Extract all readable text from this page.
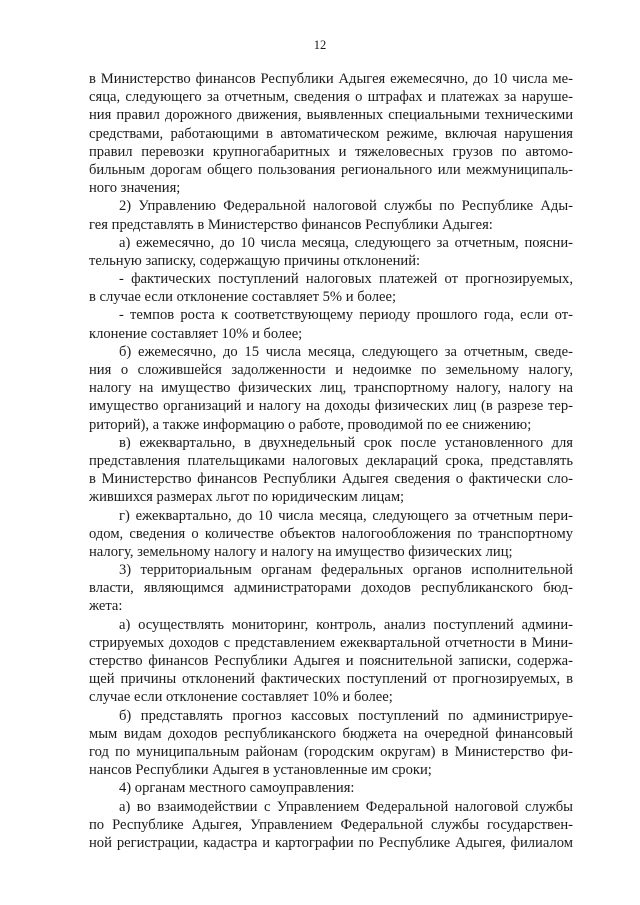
12
в Министерство финансов Республики Адыгея ежемесячно, до 10 числа ме-
сяца, следующего за отчетным, сведения о штрафах и платежах за наруше-
ния правил дорожного движения, выявленных специальными техническими
средствами, работающими в автоматическом режиме, включая нарушения
правил перевозки крупногабаритных и тяжеловесных грузов по автомо-
бильным дорогам общего пользования регионального или межмуниципаль-
ного значения;
2) Управлению Федеральной налоговой службы по Республике Ады-
гея представлять в Министерство финансов Республики Адыгея:
а) ежемесячно, до 10 числа месяца, следующего за отчетным, поясни-
тельную записку, содержащую причины отклонений:
- фактических поступлений налоговых платежей от прогнозируемых,
в случае если отклонение составляет 5% и более;
- темпов роста к соответствующему периоду прошлого года, если от-
клонение составляет 10% и более;
б) ежемесячно, до 15 числа месяца, следующего за отчетным, сведе-
ния о сложившейся задолженности и недоимке по земельному налогу,
налогу на имущество физических лиц, транспортному налогу, налогу на
имущество организаций и налогу на доходы физических лиц (в разрезе тер-
риторий), а также информацию о работе, проводимой по ее снижению;
в) ежеквартально, в двухнедельный срок после установленного для
представления плательщиками налоговых деклараций срока, представлять
в Министерство финансов Республики Адыгея сведения о фактически сло-
жившихся размерах льгот по юридическим лицам;
г) ежеквартально, до 10 числа месяца, следующего за отчетным пери-
одом, сведения о количестве объектов налогообложения по транспортному
налогу, земельному налогу и налогу на имущество физических лиц;
3) территориальным органам федеральных органов исполнительной
власти, являющимся администраторами доходов республиканского бюд-
жета:
а) осуществлять мониторинг, контроль, анализ поступлений админи-
стрируемых доходов с представлением ежеквартальной отчетности в Мини-
стерство финансов Республики Адыгея и пояснительной записки, содержа-
щей причины отклонений фактических поступлений от прогнозируемых, в
случае если отклонение составляет 10% и более;
б) представлять прогноз кассовых поступлений по администрируе-
мым видам доходов республиканского бюджета на очередной финансовый
год по муниципальным районам (городским округам) в Министерство фи-
нансов Республики Адыгея в установленные им сроки;
4) органам местного самоуправления:
а) во взаимодействии с Управлением Федеральной налоговой службы
по Республике Адыгея, Управлением Федеральной службы государствен-
ной регистрации, кадастра и картографии по Республике Адыгея, филиалом
